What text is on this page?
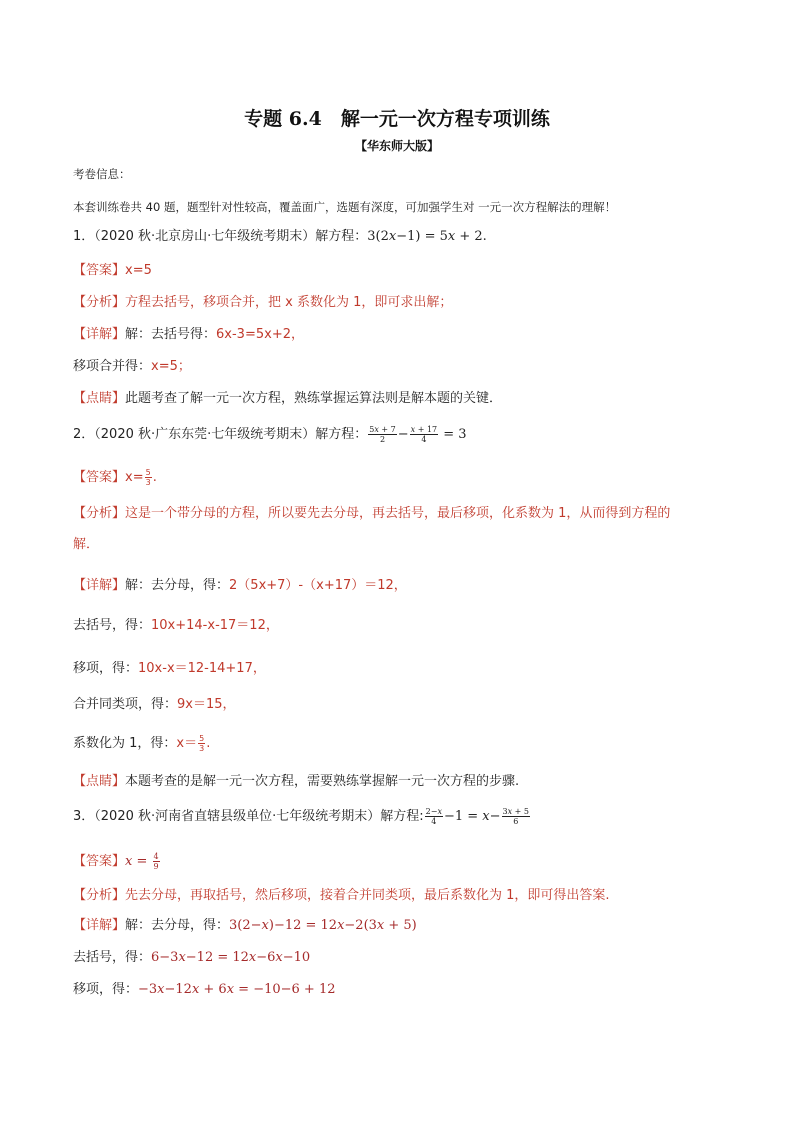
专题 6.4　解一元一次方程专项训练
【华东师大版】
考卷信息：
本套训练卷共 40 题，题型针对性较高，覆盖面广，选题有深度，可加强学生对 一元一次方程解法的理解！
1．（2020 秋·北京房山·七年级统考期末）解方程：3(2𝑥−1) = 5𝑥 + 2.
【答案】x=5
【分析】方程去括号，移项合并，把 x 系数化为 1，即可求出解；
【详解】解：去括号得：6x-3=5x+2，
移项合并得：x=5；
【点睛】此题考查了解一元一次方程，熟练掌握运算法则是解本题的关键．
2．（2020 秋·广东东莞·七年级统考期末）解方程： $\frac{\text{5𝑥 + 7}}{2} - \frac{\text{𝑥 + 17}}{4} = 3$
【答案】$x= \frac{5}{3}$ .
【分析】这是一个带分母的方程，所以要先去分母，再去括号，最后移项，化系数为 1，从而得到方程的
解．
【详解】解：去分母，得：2（5x+7）-（x+17）＝12，
去括号，得：10x+14-x-17＝12，
移项，得：10x-x＝12-14+17，
合并同类项，得：9x＝15，
系数化为 1，得：$x= \frac{5}{3}$ .
【点睛】本题考查的是解一元一次方程，需要熟练掌握解一元一次方程的步骤.
3．（2020 秋·河南省直辖县级单位·七年级统考期末）解方程: $\frac{\text{2−𝑥}}{4} -1$ = 𝑥− $\frac{\text{3𝑥 + 5}}{6}$
【答案】𝑥 = $\frac{4}{9}$
【分析】先去分母，再取括号，然后移项，接着合并同类项，最后系数化为 1，即可得出答案.
【详解】解：去分母，得：3(2−𝑥)−12 = 12𝑥−2(3𝑥 + 5)
去括号，得：6−3𝑥−12 = 12𝑥−6𝑥−10
移项，得：−3𝑥−12𝑥 + 6𝑥 = −10−6 + 12
